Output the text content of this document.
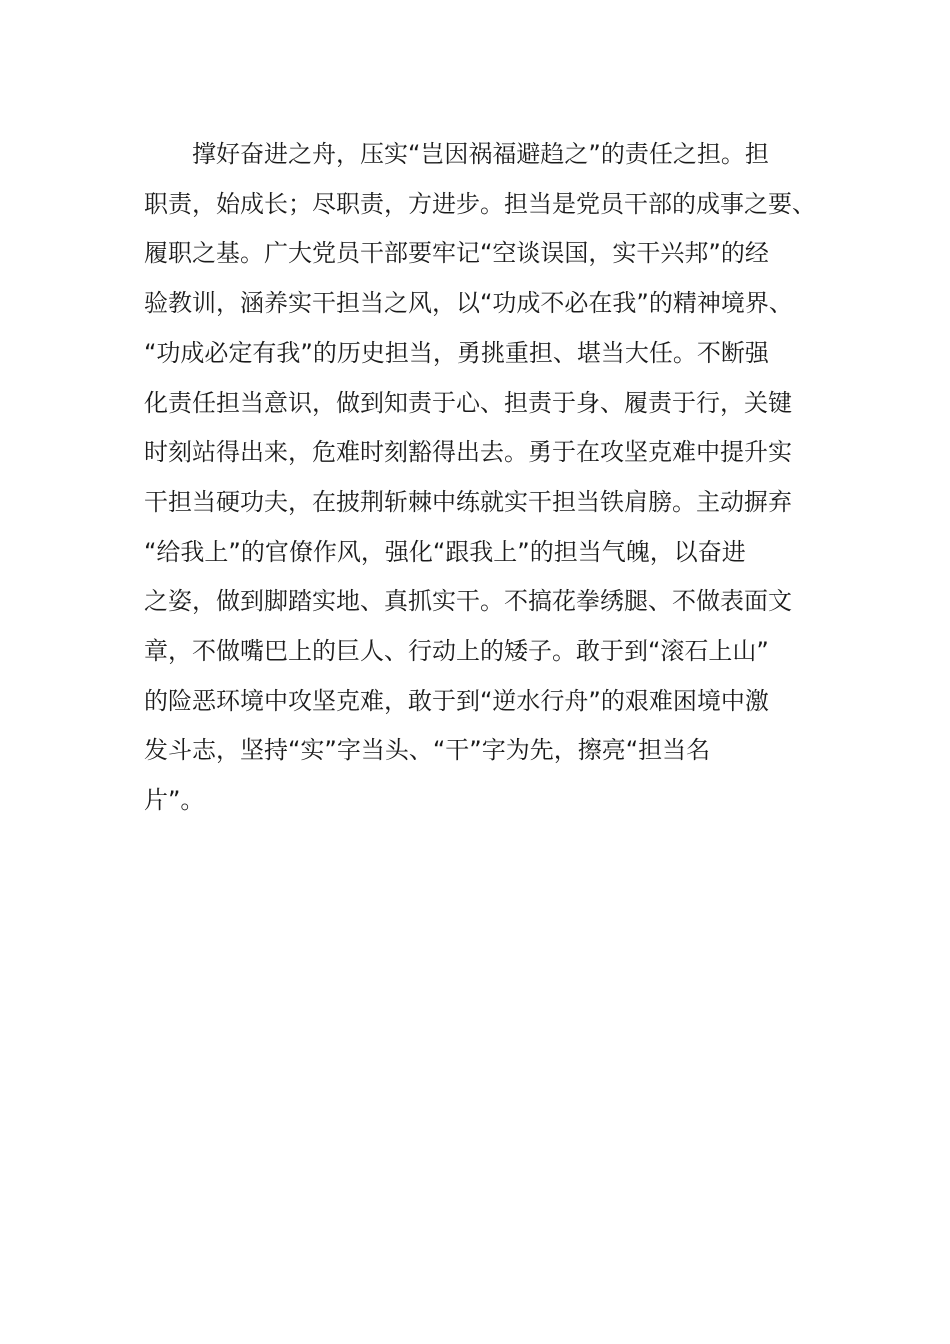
撑好奋进之舟，压实“岂因祸福避趋之”的责任之担。担
职责，始成长；尽职责，方进步。担当是党员干部的成事之要、
履职之基。广大党员干部要牢记“空谈误国，实干兴邦”的经
验教训，涵养实干担当之风，以“功成不必在我”的精神境界、
“功成必定有我”的历史担当，勇挑重担、堪当大任。不断强
化责任担当意识，做到知责于心、担责于身、履责于行，关键
时刻站得出来，危难时刻豁得出去。勇于在攻坚克难中提升实
干担当硬功夫，在披荆斩棘中练就实干担当铁肩膀。主动摒弃
“给我上”的官僚作风，强化“跟我上”的担当气魄，以奋进
之姿，做到脚踏实地、真抓实干。不搞花拳绣腿、不做表面文
章，不做嘴巴上的巨人、行动上的矮子。敢于到“滚石上山”
的险恶环境中攻坚克难，敢于到“逆水行舟”的艰难困境中激
发斗志，坚持“实”字当头、“干”字为先，擦亮“担当名
片”。
